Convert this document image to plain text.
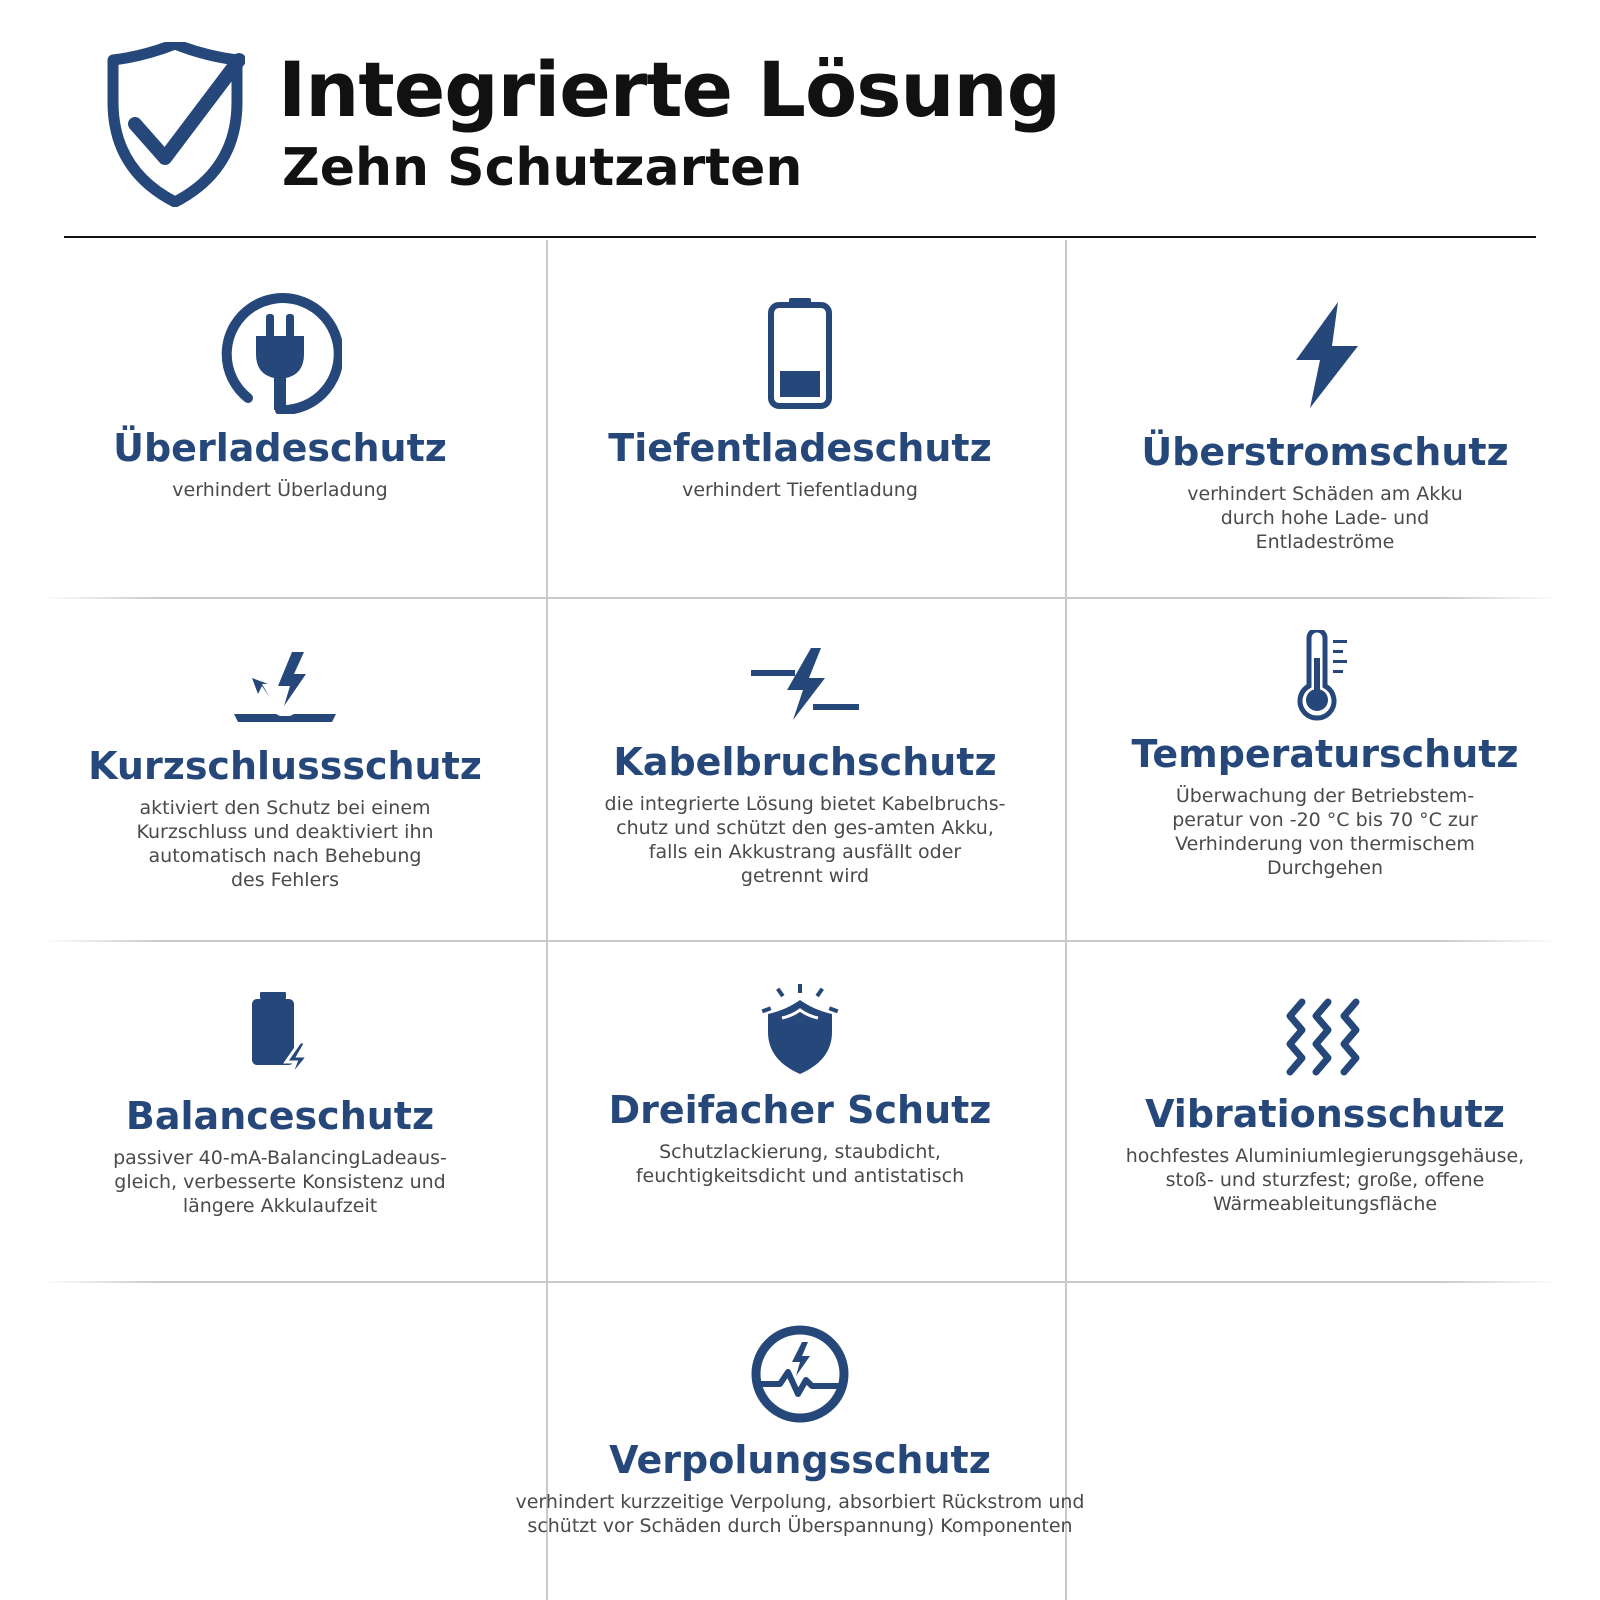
Integrierte Lösung
Zehn Schutzarten
Überladeschutz

verhindert Überladung

Tiefentladeschutz

verhindert Tiefentladung

Überstromschutz

verhindert Schäden am Akku
durch hohe Lade- und
Entladeströme

Kurzschlussschutz

aktiviert den Schutz bei einem
Kurzschluss und deaktiviert ihn
automatisch nach Behebung
des Fehlers

Kabelbruchschutz

die integrierte Lösung bietet Kabelbruchs-
chutz und schützt den ges-amten Akku,
falls ein Akkustrang ausfällt oder
getrennt wird

Temperaturschutz

Überwachung der Betriebstem-
peratur von -20 °C bis 70 °C zur
Verhinderung von thermischem
Durchgehen

Balanceschutz

passiver 40-mA-BalancingLadeaus-
gleich, verbesserte Konsistenz und
längere Akkulaufzeit

Dreifacher Schutz

Schutzlackierung, staubdicht,
feuchtigkeitsdicht und antistatisch

Vibrationsschutz

hochfestes Aluminiumlegierungsgehäuse,
stoß- und sturzfest; große, offene
Wärmeableitungsfläche

Verpolungsschutz

verhindert kurzzeitige Verpolung, absorbiert Rückstrom und
schützt vor Schäden durch Überspannung) Komponenten
